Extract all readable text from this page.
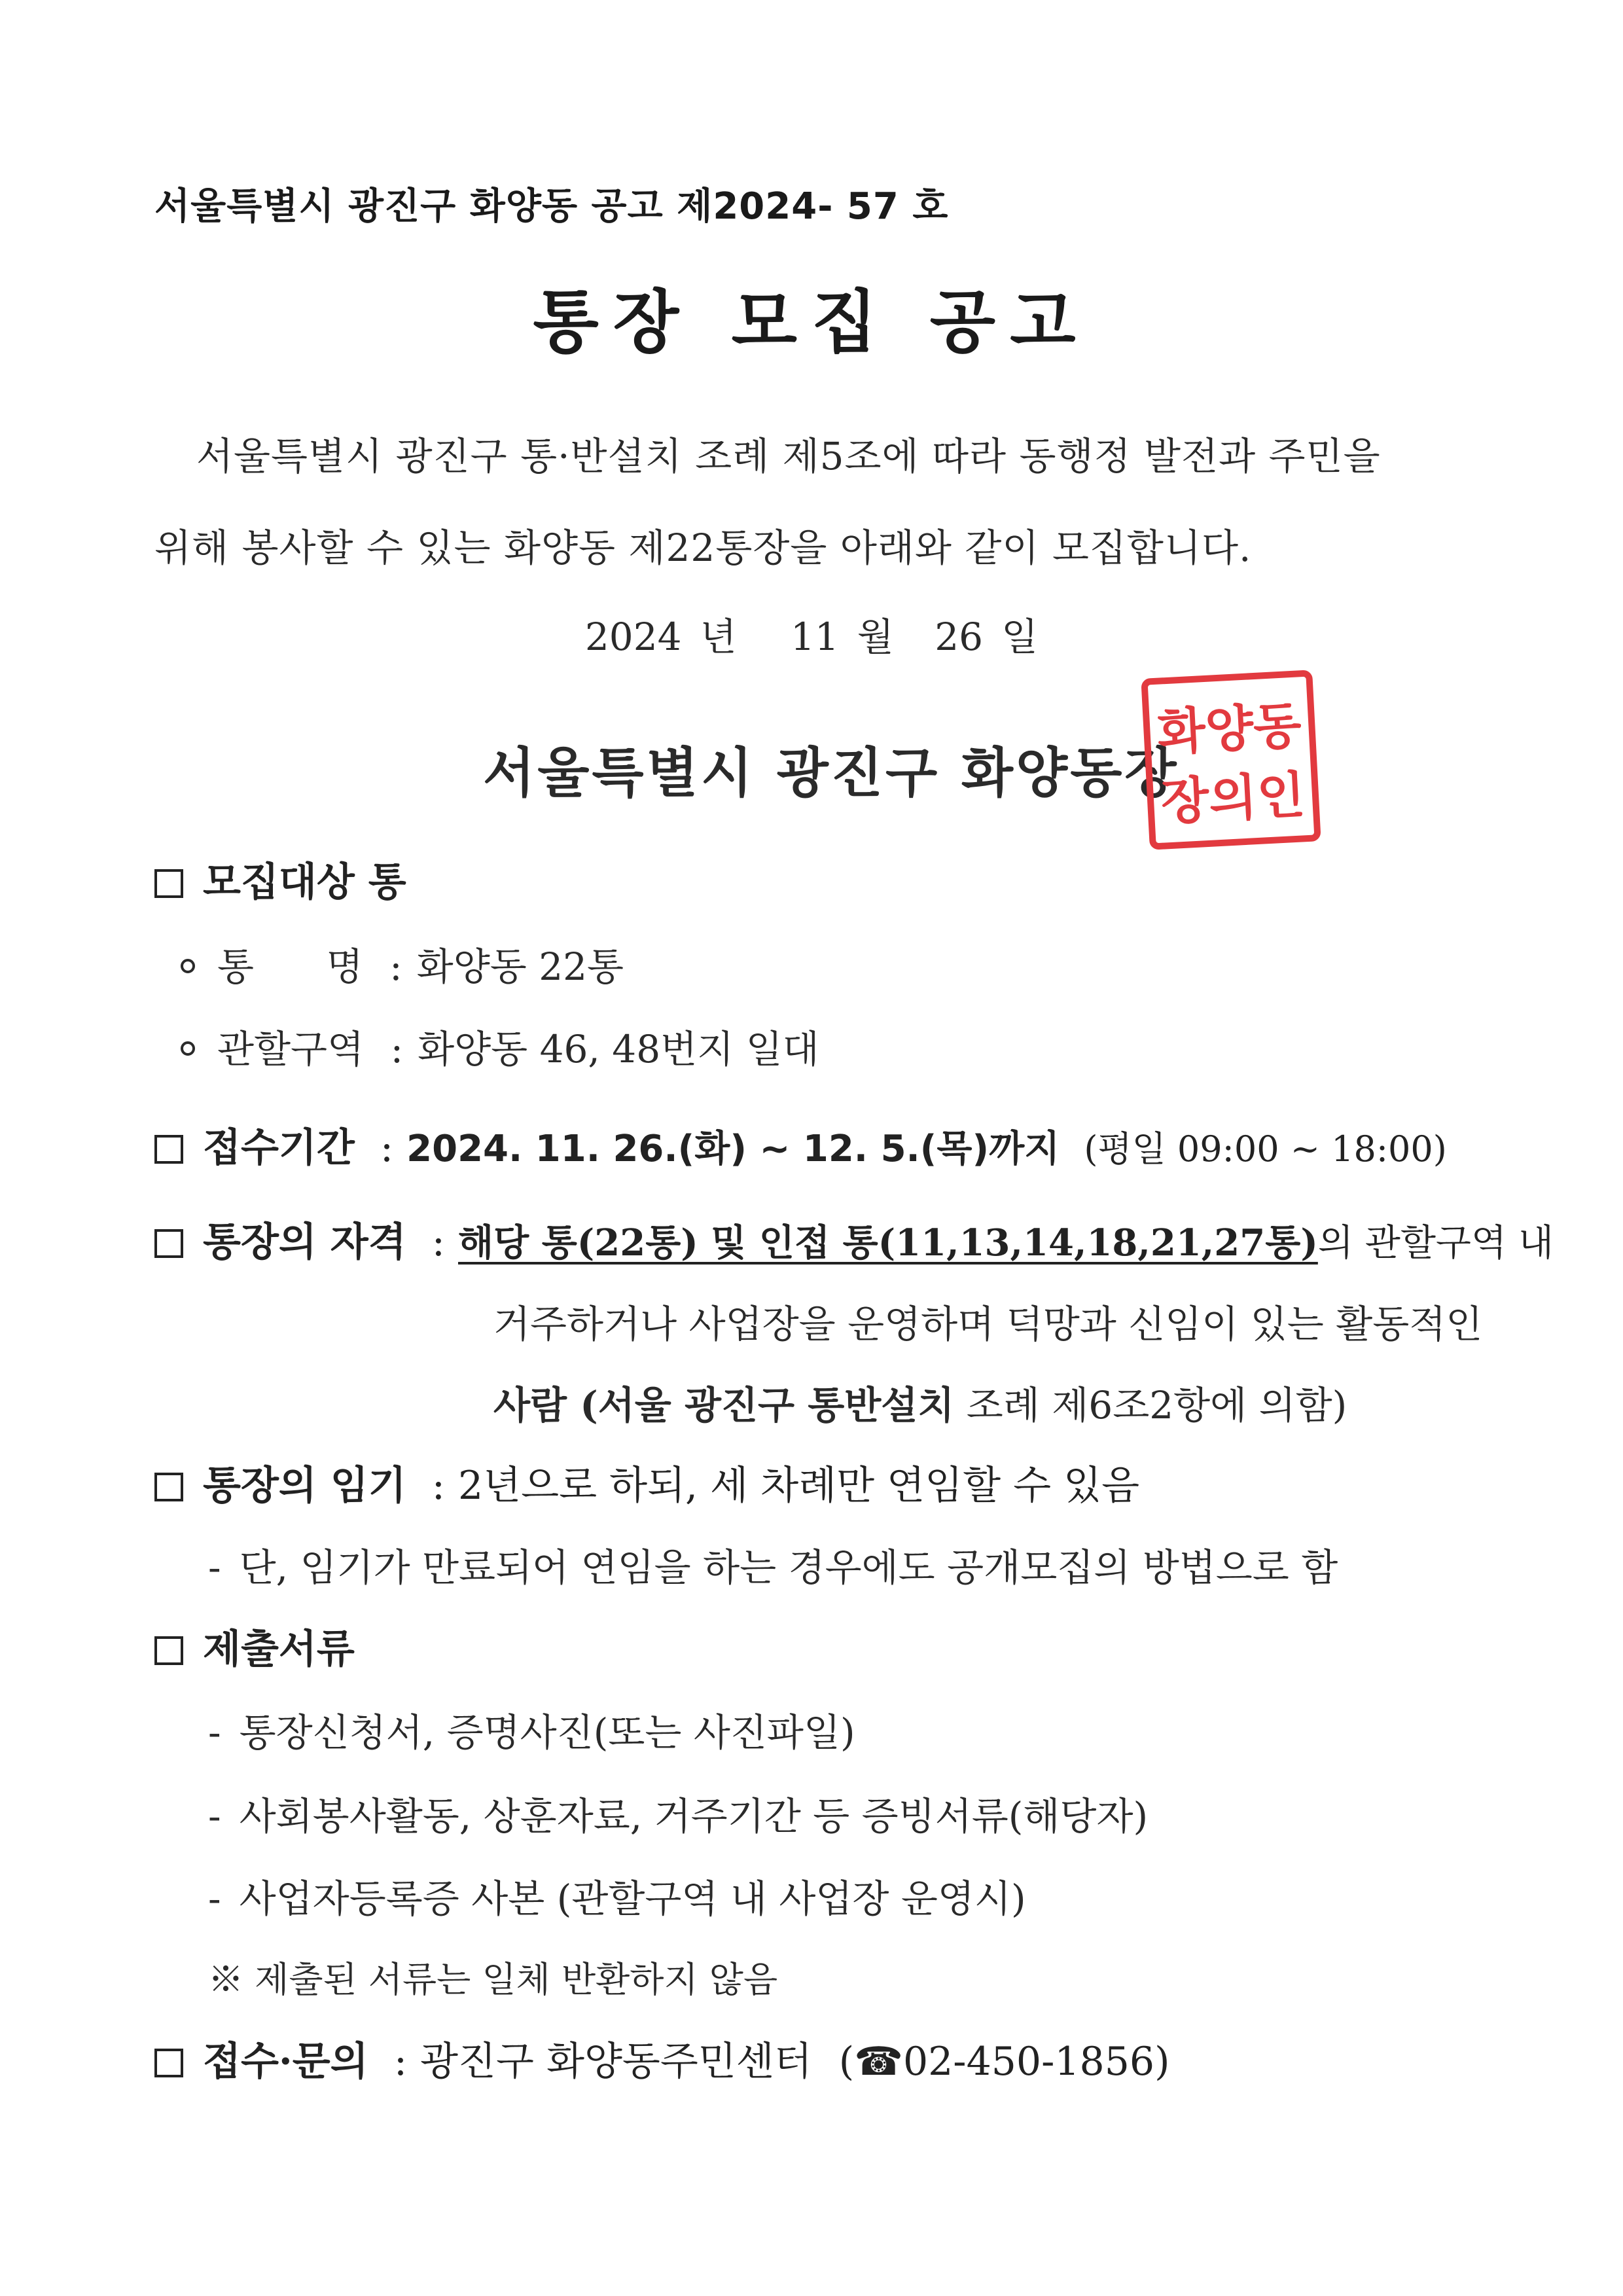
서울특별시 광진구 화양동 공고 제2024- 57 호
통장 모집 공고
서울특별시 광진구 통·반설치 조례 제5조에 따라 동행정 발전과 주민을
위해 봉사할 수 있는 화양동 제22통장을 아래와 같이 모집합니다.
2024 년 11 월 26 일
서울특별시 광진구 화양동장
화양동
장의인
모집대상 통
통      명 : 화양동 22통
관할구역 : 화양동 46, 48번지 일대
접수기간 : 2024. 11. 26.(화) ~ 12. 5.(목)까지 (평일 09:00 ~ 18:00)
통장의 자격 : 해당 통(22통) 및 인접 통(11,13,14,18,21,27통)의 관할구역 내
거주하거나 사업장을 운영하며 덕망과 신임이 있는 활동적인
사람 (서울 광진구 통반설치 조례 제6조2항에 의함)
통장의 임기 : 2년으로 하되, 세 차례만 연임할 수 있음
- 단, 임기가 만료되어 연임을 하는 경우에도 공개모집의 방법으로 함
제출서류
- 통장신청서, 증명사진(또는 사진파일)
- 사회봉사활동, 상훈자료, 거주기간 등 증빙서류(해당자)
- 사업자등록증 사본 (관할구역 내 사업장 운영시)
※ 제출된 서류는 일체 반환하지 않음
접수·문의 : 광진구 화양동주민센터 (☎02-450-1856)
